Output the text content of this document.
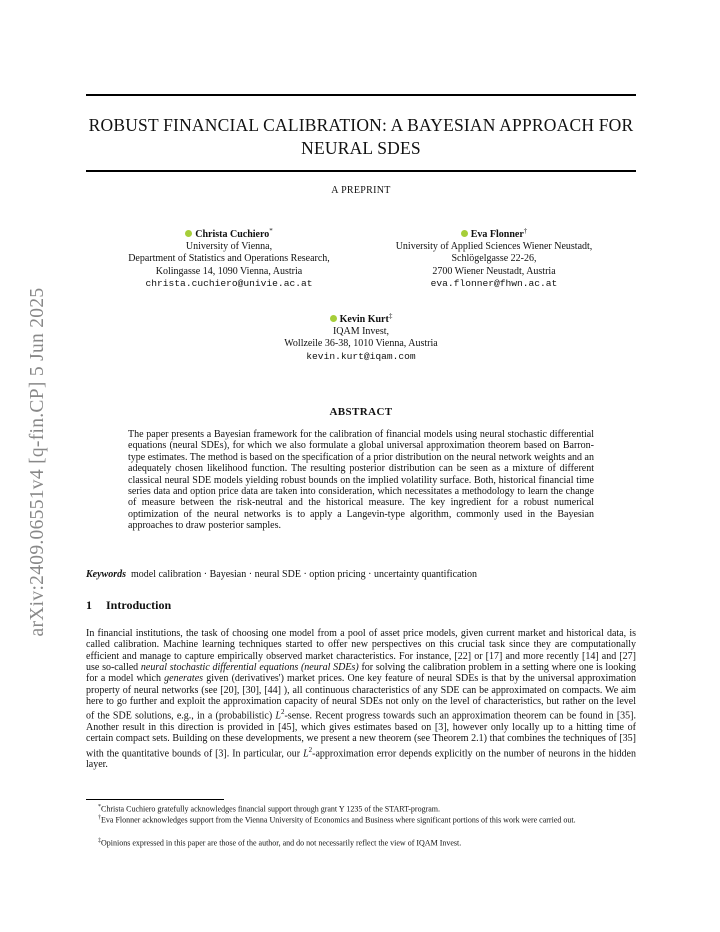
arXiv:2409.06551v4 [q-fin.CP] 5 Jun 2025
ROBUST FINANCIAL CALIBRATION: A BAYESIAN APPROACH FOR
NEURAL SDES
A PREPRINT
Christa Cuchiero*
University of Vienna,
Department of Statistics and Operations Research,
Kolingasse 14, 1090 Vienna, Austria
christa.cuchiero@univie.ac.at
Eva Flonner†
University of Applied Sciences Wiener Neustadt,
Schlögelgasse 22-26,
2700 Wiener Neustadt, Austria
eva.flonner@fhwn.ac.at
Kevin Kurt‡
IQAM Invest,
Wollzeile 36-38, 1010 Vienna, Austria
kevin.kurt@iqam.com
ABSTRACT
The paper presents a Bayesian framework for the calibration of financial models using neural stochastic differential equations (neural SDEs), for which we also formulate a global universal approximation theorem based on Barron-type estimates. The method is based on the specification of a prior distribution on the neural network weights and an adequately chosen likelihood function. The resulting posterior distribution can be seen as a mixture of different classical neural SDE models yielding robust bounds on the implied volatility surface. Both, historical financial time series data and option price data are taken into consideration, which necessitates a methodology to learn the change of measure between the risk-neutral and the historical measure. The key ingredient for a robust numerical optimization of the neural networks is to apply a Langevin-type algorithm, commonly used in the Bayesian approaches to draw posterior samples.
Keywords model calibration · Bayesian · neural SDE · option pricing · uncertainty quantification
1 Introduction
In financial institutions, the task of choosing one model from a pool of asset price models, given current market and historical data, is called calibration. Machine learning techniques started to offer new perspectives on this crucial task since they are computationally efficient and manage to capture empirically observed market characteristics. For instance, [22] or [17] and more recently [14] and [27] use so-called neural stochastic differential equations (neural SDEs) for solving the calibration problem in a setting where one is looking for a model which generates given (derivatives') market prices. One key feature of neural SDEs is that by the universal approximation property of neural networks (see [20], [30], [44] ), all continuous characteristics of any SDE can be approximated on compacts. We aim here to go further and exploit the approximation capacity of neural SDEs not only on the level of characteristics, but rather on the level of the SDE solutions, e.g., in a (probabilistic) $L^2$-sense. Recent progress towards such an approximation theorem can be found in [35]. Another result in this direction is provided in [45], which gives estimates based on [3], however only locally up to a hitting time of certain compact sets. Building on these developments, we present a new theorem (see Theorem 2.1) that combines the techniques of [35] with the quantitative bounds of [3]. In particular, our $L^2$-approximation error depends explicitly on the number of neurons in the hidden layer.
*Christa Cuchiero gratefully acknowledges financial support through grant Y 1235 of the START-program.
†Eva Flonner acknowledges support from the Vienna University of Economics and Business where significant portions of this work were carried out.
‡Opinions expressed in this paper are those of the author, and do not necessarily reflect the view of IQAM Invest.
